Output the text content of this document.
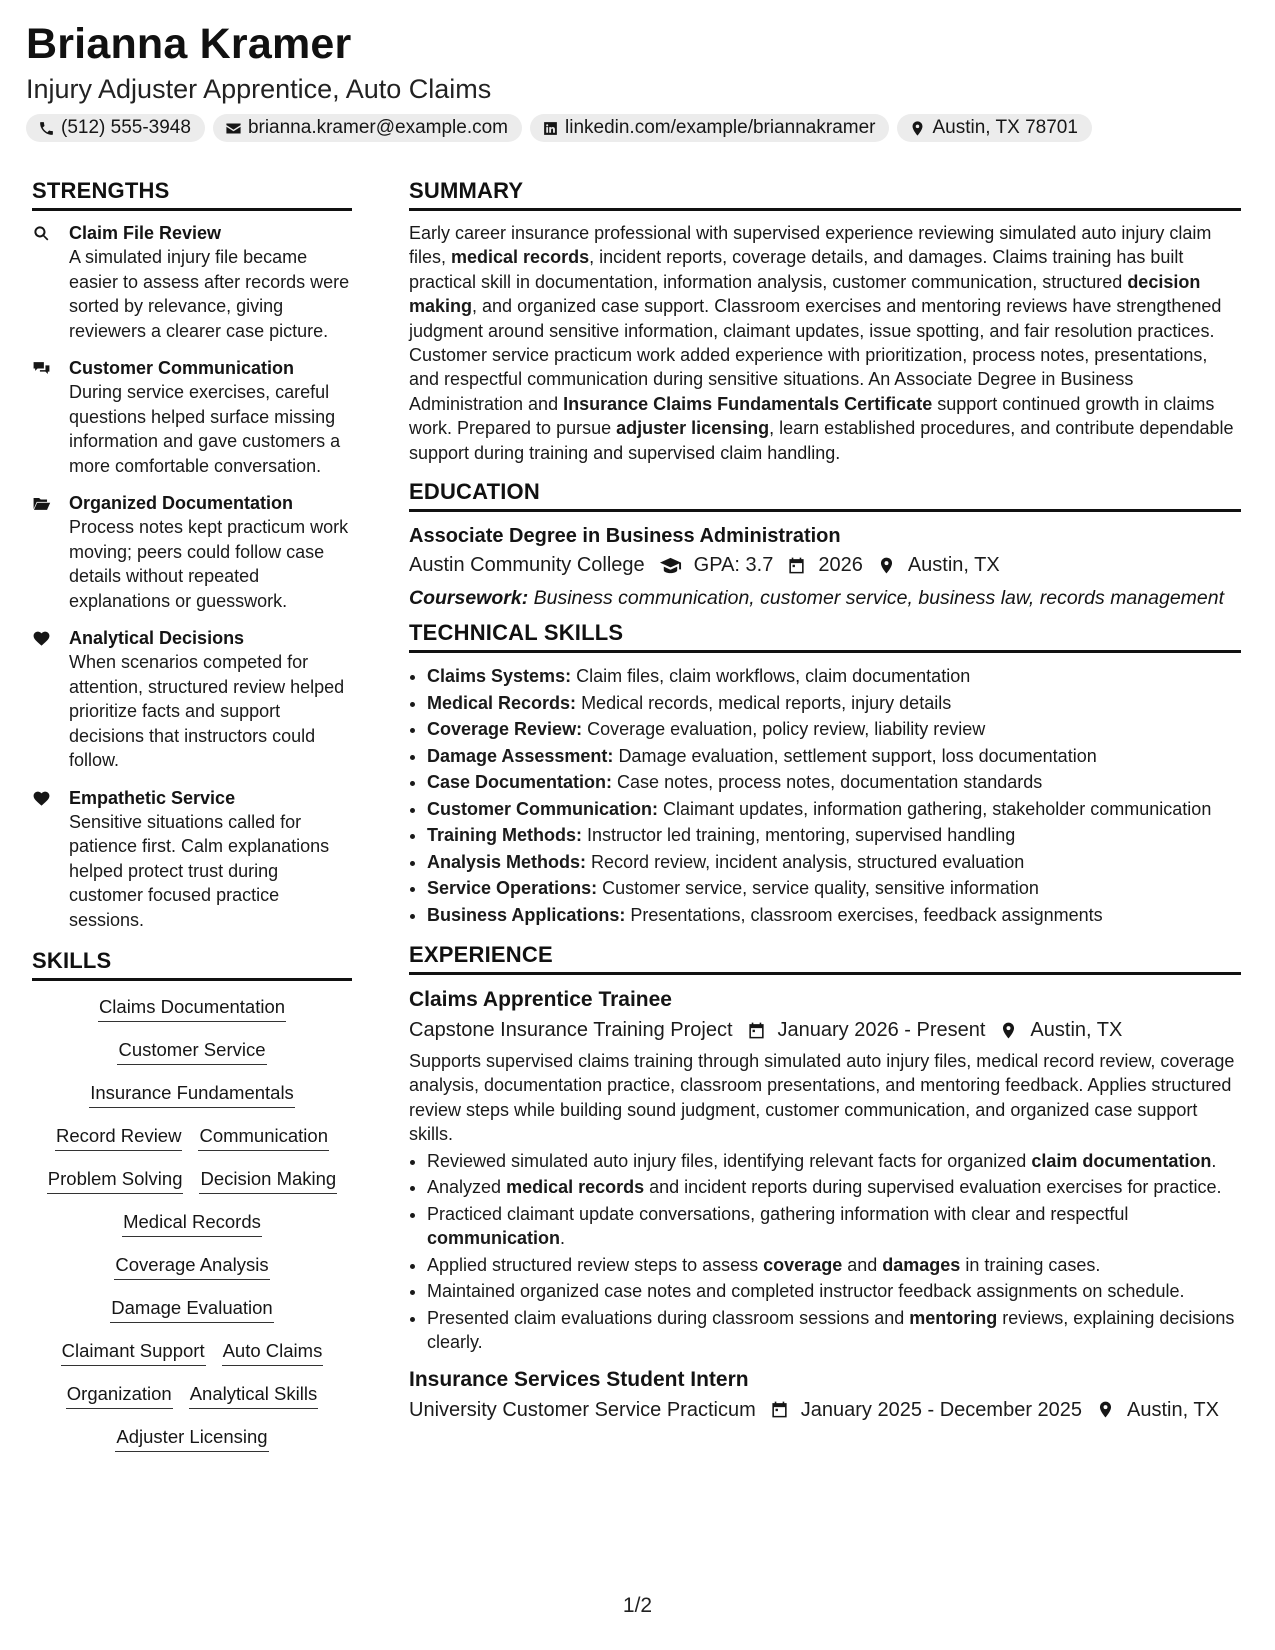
Brianna Kramer
Injury Adjuster Apprentice, Auto Claims
(512) 555-3948	brianna.kramer@example.com	linkedin.com/example/briannakramer	Austin, TX 78701
STRENGTHS
Claim File Review
A simulated injury file became easier to assess after records were sorted by relevance, giving reviewers a clearer case picture.
Customer Communication
During service exercises, careful questions helped surface missing information and gave customers a more comfortable conversation.
Organized Documentation
Process notes kept practicum work moving; peers could follow case details without repeated explanations or guesswork.
Analytical Decisions
When scenarios competed for attention, structured review helped prioritize facts and support decisions that instructors could follow.
Empathetic Service
Sensitive situations called for patience first. Calm explanations helped protect trust during customer focused practice sessions.
SKILLS
Claims Documentation
Customer Service
Insurance Fundamentals
Record Review Communication
Problem Solving Decision Making
Medical Records
Coverage Analysis
Damage Evaluation
Claimant Support Auto Claims
Organization Analytical Skills
Adjuster Licensing
SUMMARY

Early career insurance professional with supervised experience reviewing simulated auto injury claim files, medical records, incident reports, coverage details, and damages. Claims training has built practical skill in documentation, information analysis, customer communication, structured decision making, and organized case support. Classroom exercises and mentoring reviews have strengthened judgment around sensitive information, claimant updates, issue spotting, and fair resolution practices. Customer service practicum work added experience with prioritization, process notes, presentations, and respectful communication during sensitive situations. An Associate Degree in Business Administration and Insurance Claims Fundamentals Certificate support continued growth in claims work. Prepared to pursue adjuster licensing, learn established procedures, and contribute dependable support during training and supervised claim handling.

EDUCATION
Associate Degree in Business Administration
Austin Community College GPA: 3.7 2026 Austin, TX
Coursework: Business communication, customer service, business law, records management
TECHNICAL SKILLS
• Claims Systems: Claim files, claim workflows, claim documentation
• Medical Records: Medical records, medical reports, injury details
• Coverage Review: Coverage evaluation, policy review, liability review
• Damage Assessment: Damage evaluation, settlement support, loss documentation
• Case Documentation: Case notes, process notes, documentation standards
• Customer Communication: Claimant updates, information gathering, stakeholder communication
• Training Methods: Instructor led training, mentoring, supervised handling
• Analysis Methods: Record review, incident analysis, structured evaluation
• Service Operations: Customer service, service quality, sensitive information
• Business Applications: Presentations, classroom exercises, feedback assignments
EXPERIENCE
Claims Apprentice Trainee
Capstone Insurance Training Project January 2026 - Present Austin, TX

Supports supervised claims training through simulated auto injury files, medical record review, coverage analysis, documentation practice, classroom presentations, and mentoring feedback. Applies structured review steps while building sound judgment, customer communication, and organized case support skills.

• Reviewed simulated auto injury files, identifying relevant facts for organized claim documentation.
• Analyzed medical records and incident reports during supervised evaluation exercises for practice.
• Practiced claimant update conversations, gathering information with clear and respectful communication.
• Applied structured review steps to assess coverage and damages in training cases.
• Maintained organized case notes and completed instructor feedback assignments on schedule.
• Presented claim evaluations during classroom sessions and mentoring reviews, explaining decisions clearly.
Insurance Services Student Intern
University Customer Service Practicum January 2025 - December 2025 Austin, TX
1/2
